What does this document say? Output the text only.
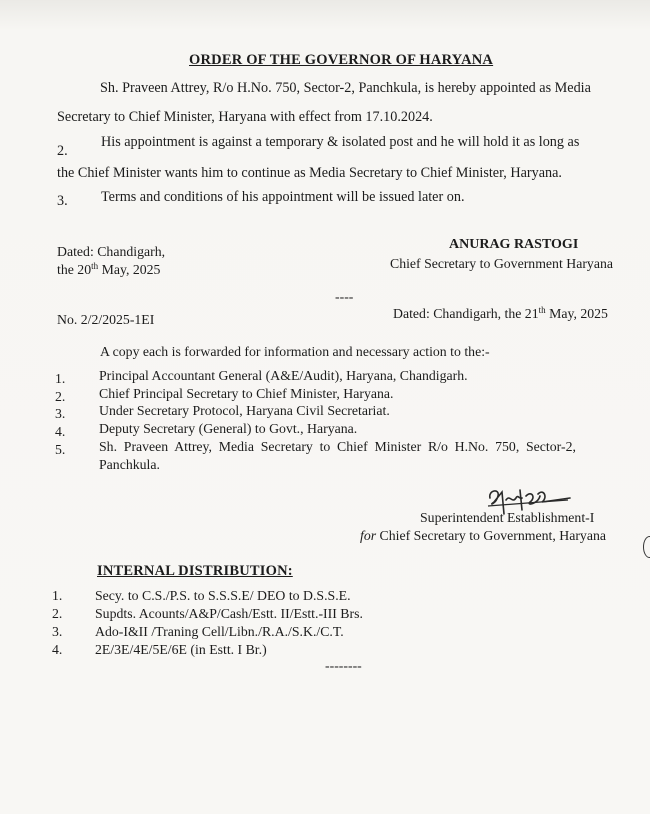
ORDER OF THE GOVERNOR OF HARYANA
Sh. Praveen Attrey, R/o H.No. 750, Sector-2, Panchkula, is hereby appointed as Media
Secretary to Chief Minister, Haryana with effect from 17.10.2024.
2.
His appointment is against a temporary & isolated post and he will hold it as long as
the Chief Minister wants him to continue as Media Secretary to Chief Minister, Haryana.
3. Terms and conditions of his appointment will be issued later on.
Dated: Chandigarh,
the 20th May, 2025
ANURAG RASTOGI
Chief Secretary to Government Haryana
----
No. 2/2/2025-1EI	Dated: Chandigarh, the 21th May, 2025
A copy each is forwarded for information and necessary action to the:-
1. Principal Accountant General (A&E/Audit), Haryana, Chandigarh.
2. Chief Principal Secretary to Chief Minister, Haryana.
3. Under Secretary Protocol, Haryana Civil Secretariat.
4. Deputy Secretary (General) to Govt., Haryana.
5. Sh. Praveen Attrey, Media Secretary to Chief Minister R/o H.No. 750, Sector-2,
Panchkula.
Superintendent Establishment-I
for Chief Secretary to Government, Haryana
INTERNAL DISTRIBUTION:
1. Secy. to C.S./P.S. to S.S.S.E/ DEO to D.S.S.E.
2. Supdts. Acounts/A&P/Cash/Estt. II/Estt.-III Brs.
3. Ado-I&II /Traning Cell/Libn./R.A./S.K./C.T.
4. 2E/3E/4E/5E/6E (in Estt. I Br.)
--------
